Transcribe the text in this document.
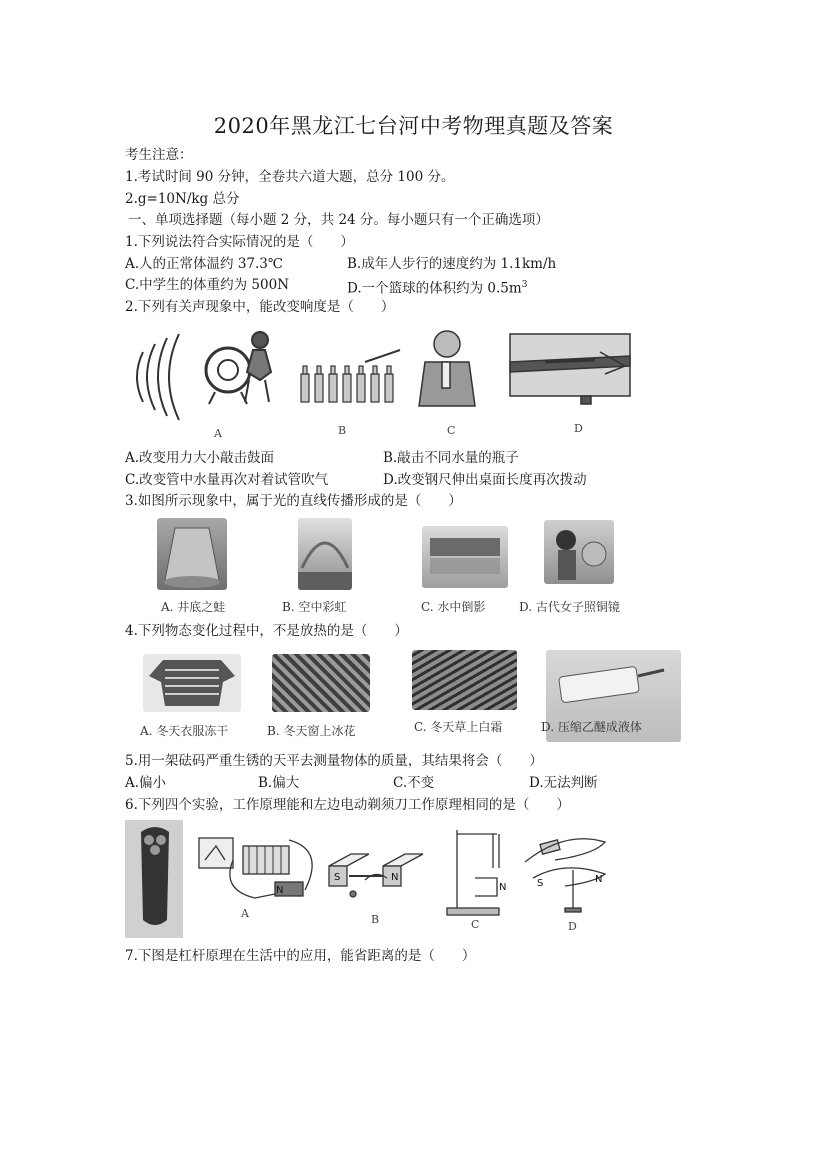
2020年黑龙江七台河中考物理真题及答案
考生注意：
1.考试时间 90 分钟，全卷共六道大题，总分 100 分。
2.g=10N/kg 总分
一、单项选择题（每小题 2 分，共 24 分。每小题只有一个正确选项）
1.下列说法符合实际情况的是（　　）
A.人的正常体温约 37.3℃	B.成年人步行的速度约为 1.1km/h
C.中学生的体重约为 500N	D.一个篮球的体积约为 $0.5m^3$
2.下列有关声现象中，能改变响度是（　　）
A	B	C	D
A.改变用力大小敲击鼓面	B.敲击不同水量的瓶子
C.改变管中水量再次对着试管吹气	D.改变钢尺伸出桌面长度再次拨动
3.如图所示现象中，属于光的直线传播形成的是（　　）
A. 井底之蛙	B. 空中彩虹	C. 水中倒影	D. 古代女子照铜镜
4.下列物态变化过程中，不是放热的是（　　）
A. 冬天衣服冻干	B. 冬天窗上冰花	C. 冬天草上白霜	D. 压缩乙醚成液体
5.用一架砝码严重生锈的天平去测量物体的质量，其结果将会（　　）
A.偏小	B.偏大	C.不变	D.无法判断
6.下列四个实验，工作原理能和左边电动剃须刀工作原理相同的是（　　）
N
S	N
N	S	N
A	B	C	D
7.下图是杠杆原理在生活中的应用，能省距离的是（　　）
